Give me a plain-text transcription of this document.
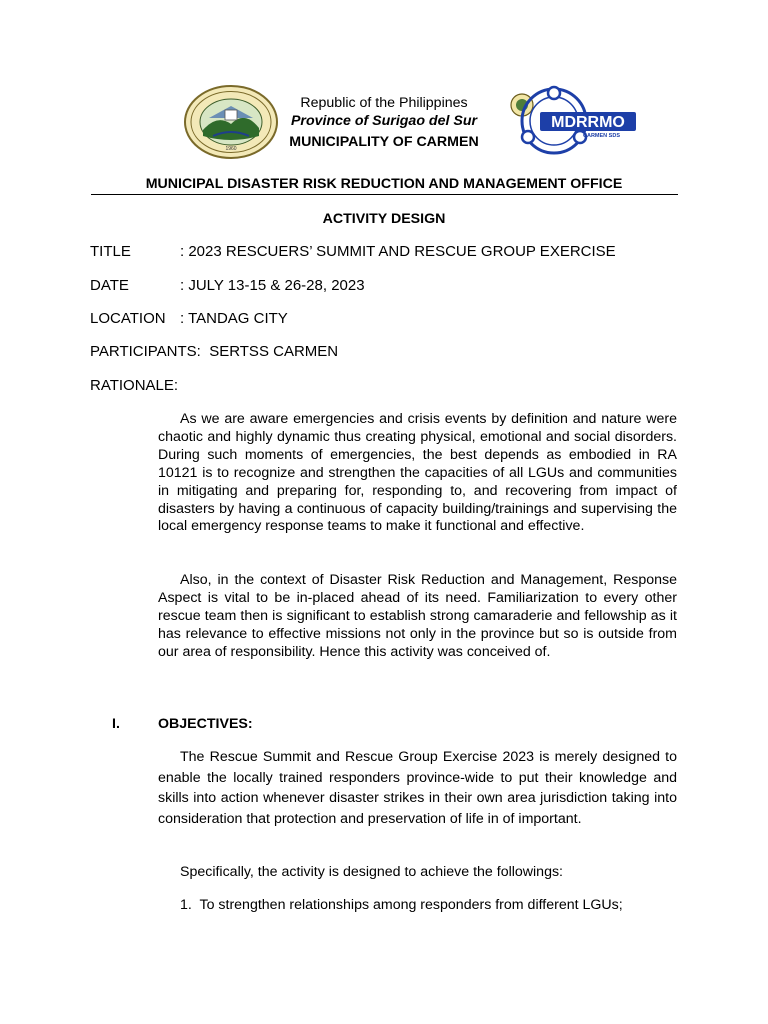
1960
Republic of the Philippines
Province of Surigao del Sur
MUNICIPALITY OF CARMEN
MDRRMO
CARMEN SDS
MUNICIPAL DISASTER RISK REDUCTION AND MANAGEMENT OFFICE
ACTIVITY DESIGN
TITLE	: 2023 RESCUERS’ SUMMIT AND RESCUE GROUP EXERCISE
DATE	: JULY 13-15 & 26-28, 2023
LOCATION : TANDAG CITY
PARTICIPANTS: SERTSS CARMEN
RATIONALE:
As we are aware emergencies and crisis events by definition and nature were chaotic and highly dynamic thus creating physical, emotional and social disorders. During such moments of emergencies, the best depends as embodied in RA 10121 is to recognize and strengthen the capacities of all LGUs and communities in mitigating and preparing for, responding to, and recovering from impact of disasters by having a continuous of capacity building/trainings and supervising the local emergency response teams to make it functional and effective.
Also, in the context of Disaster Risk Reduction and Management, Response Aspect is vital to be in-placed ahead of its need. Familiarization to every other rescue team then is significant to establish strong camaraderie and fellowship as it has relevance to effective missions not only in the province but so is outside from our area of responsibility. Hence this activity was conceived of.
I.	OBJECTIVES:
The Rescue Summit and Rescue Group Exercise 2023 is merely designed to enable the locally trained responders province-wide to put their knowledge and skills into action whenever disaster strikes in their own area jurisdiction taking into consideration that protection and preservation of life in of important.
Specifically, the activity is designed to achieve the followings:
1. To strengthen relationships among responders from different LGUs;
